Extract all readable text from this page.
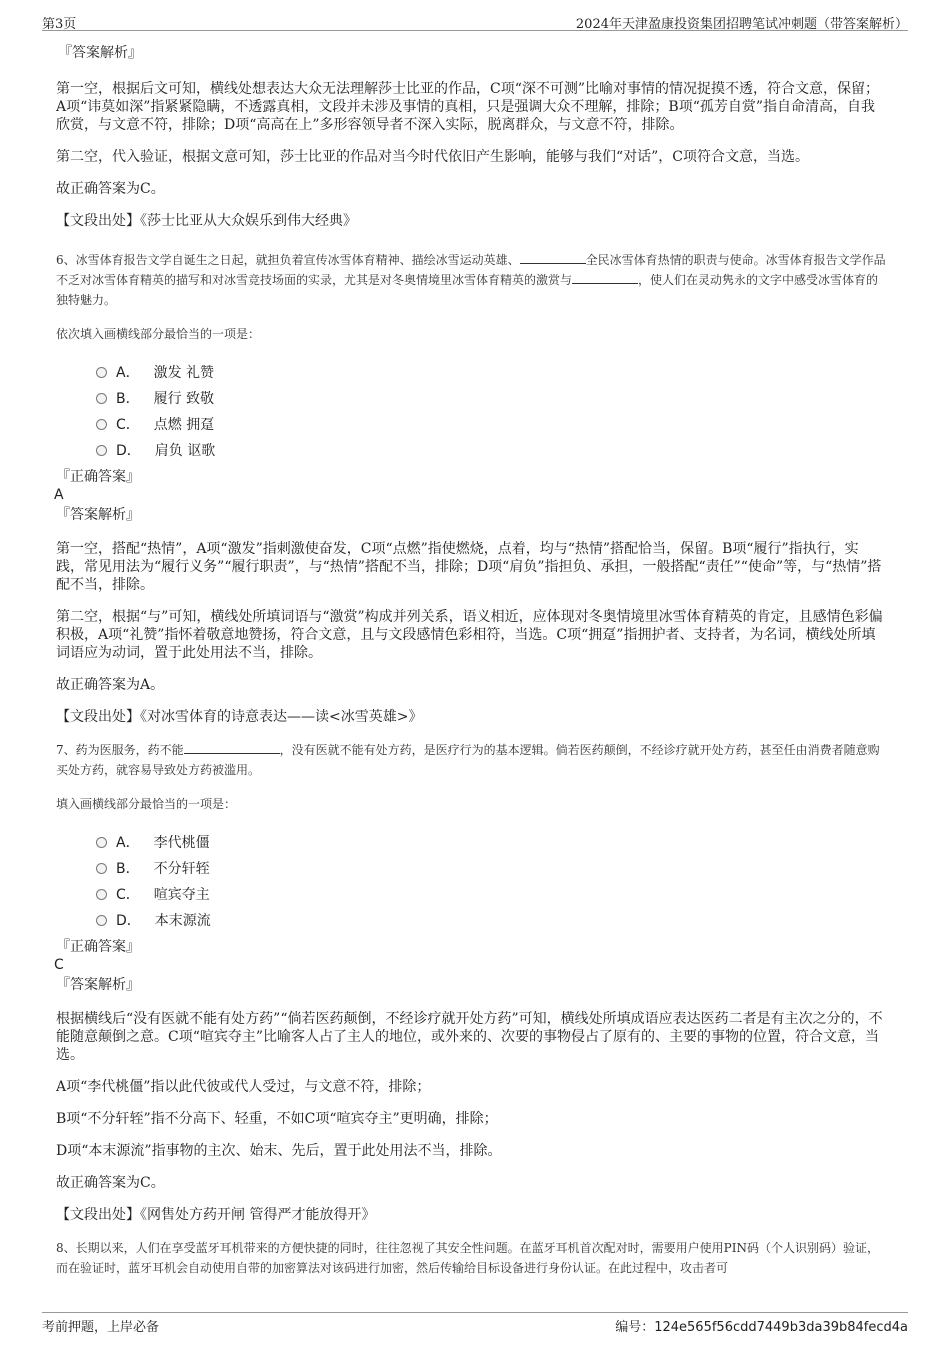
第3页	2024年天津盈康投资集团招聘笔试冲刺题（带答案解析）

『答案解析』

第一空，根据后文可知，横线处想表达大众无法理解莎士比亚的作品，C项“深不可测”比喻对事情的情况捉摸不透，符合文意，保留；A项“讳莫如深”指紧紧隐瞒，不透露真相，文段并未涉及事情的真相，只是强调大众不理解，排除；B项“孤芳自赏”指自命清高，自我欣赏，与文意不符，排除；D项“高高在上”多形容领导者不深入实际，脱离群众，与文意不符，排除。

第二空，代入验证，根据文意可知，莎士比亚的作品对当今时代依旧产生影响，能够与我们“对话”，C项符合文意，当选。

故正确答案为C。

【文段出处】《莎士比亚从大众娱乐到伟大经典》

6、冰雪体育报告文学自诞生之日起，就担负着宣传冰雪体育精神、描绘冰雪运动英雄、	全民冰雪体育热情的职责与使命。冰雪体育报告文学作品不乏对冰雪体育精英的描写和对冰雪竞技场面的实录，尤其是对冬奥情境里冰雪体育精英的激赏与	，使人们在灵动隽永的文字中感受冰雪体育的独特魅力。

依次填入画横线部分最恰当的一项是：

A． 激发 礼赞
B． 履行 致敬
C． 点燃 拥趸
D． 肩负 讴歌

『正确答案』

A

『答案解析』

第一空，搭配“热情”，A项“激发”指刺激使奋发，C项“点燃”指使燃烧，点着，均与“热情”搭配恰当，保留。B项“履行”指执行，实践，常见用法为“履行义务”“履行职责”，与“热情”搭配不当，排除；D项“肩负”指担负、承担，一般搭配“责任”“使命”等，与“热情”搭配不当，排除。

第二空，根据“与”可知，横线处所填词语与“激赏”构成并列关系，语义相近，应体现对冬奥情境里冰雪体育精英的肯定，且感情色彩偏积极，A项“礼赞”指怀着敬意地赞扬，符合文意，且与文段感情色彩相符，当选。C项“拥趸”指拥护者、支持者，为名词，横线处所填词语应为动词，置于此处用法不当，排除。

故正确答案为A。

【文段出处】《对冰雪体育的诗意表达——读<冰雪英雄>》

7、药为医服务，药不能	，没有医就不能有处方药，是医疗行为的基本逻辑。倘若医药颠倒，不经诊疗就开处方药，甚至任由消费者随意购买处方药，就容易导致处方药被滥用。

填入画横线部分最恰当的一项是：

A． 李代桃僵
B． 不分轩轾
C． 喧宾夺主
D． 本末源流

『正确答案』

C

『答案解析』

根据横线后“没有医就不能有处方药”“倘若医药颠倒，不经诊疗就开处方药”可知，横线处所填成语应表达医药二者是有主次之分的，不能随意颠倒之意。C项“喧宾夺主”比喻客人占了主人的地位，或外来的、次要的事物侵占了原有的、主要的事物的位置，符合文意，当选。

A项“李代桃僵”指以此代彼或代人受过，与文意不符，排除；

B项“不分轩轾”指不分高下、轻重，不如C项“喧宾夺主”更明确，排除；

D项“本末源流”指事物的主次、始末、先后，置于此处用法不当，排除。

故正确答案为C。

【文段出处】《网售处方药开闸 管得严才能放得开》

8、长期以来，人们在享受蓝牙耳机带来的方便快捷的同时，往往忽视了其安全性问题。在蓝牙耳机首次配对时，需要用户使用PIN码（个人识别码）验证，而在验证时，蓝牙耳机会自动使用自带的加密算法对该码进行加密，然后传输给目标设备进行身份认证。在此过程中，攻击者可

考前押题，上岸必备	编号：124e565f56cdd7449b3da39b84fecd4a
